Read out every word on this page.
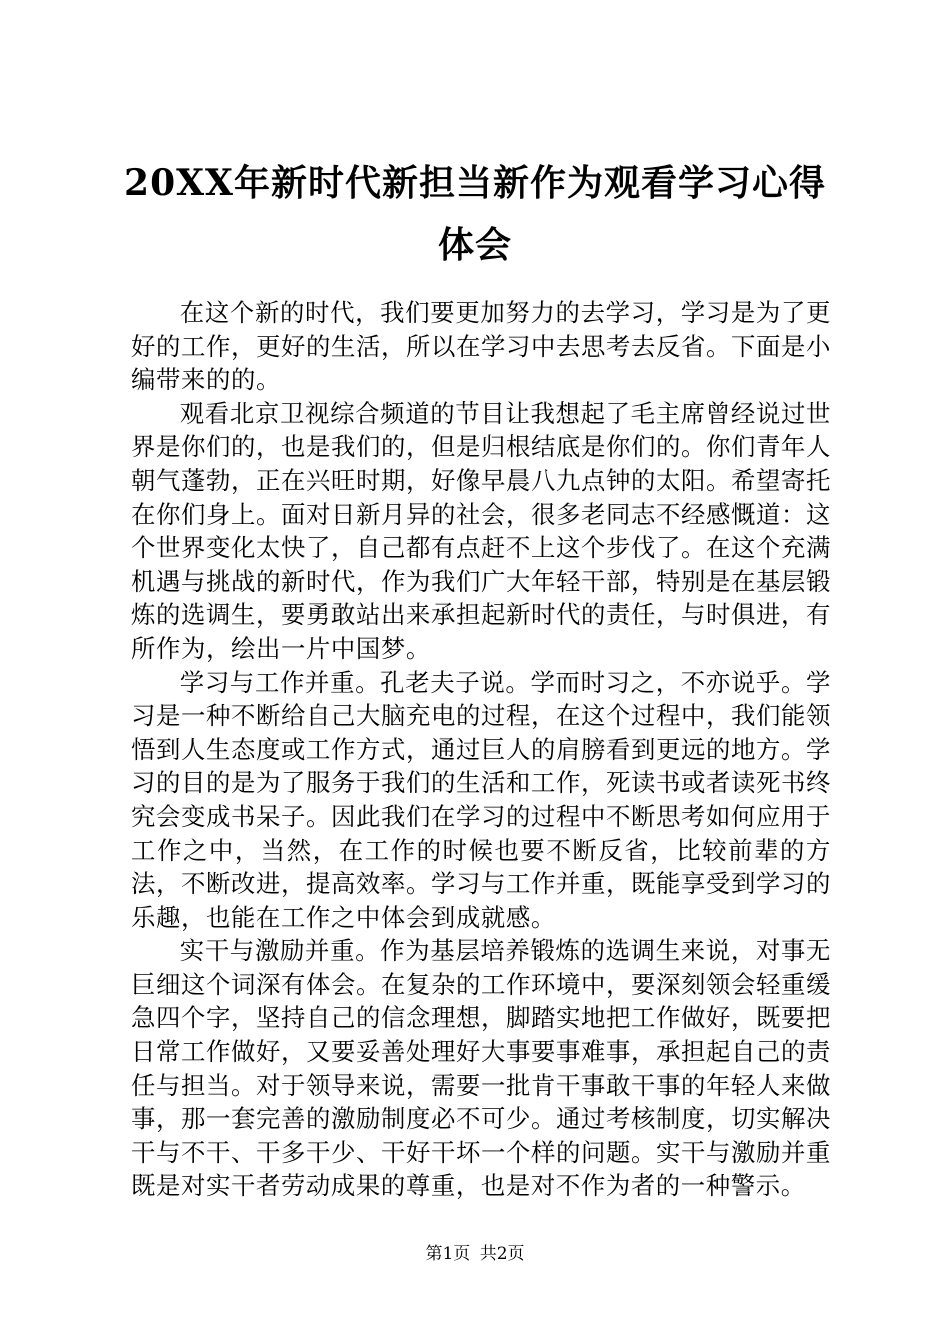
20XX年新时代新担当新作为观看学习心得体会

在这个新的时代，我们要更加努力的去学习，学习是为了更好的工作，更好的生活，所以在学习中去思考去反省。下面是小编带来的的。

观看北京卫视综合频道的节目让我想起了毛主席曾经说过世界是你们的，也是我们的，但是归根结底是你们的。你们青年人朝气蓬勃，正在兴旺时期，好像早晨八九点钟的太阳。希望寄托在你们身上。面对日新月异的社会，很多老同志不经感慨道：这个世界变化太快了，自己都有点赶不上这个步伐了。在这个充满机遇与挑战的新时代，作为我们广大年轻干部，特别是在基层锻炼的选调生，要勇敢站出来承担起新时代的责任，与时俱进，有所作为，绘出一片中国梦。

学习与工作并重。孔老夫子说。学而时习之，不亦说乎。学习是一种不断给自己大脑充电的过程，在这个过程中，我们能领悟到人生态度或工作方式，通过巨人的肩膀看到更远的地方。学习的目的是为了服务于我们的生活和工作，死读书或者读死书终究会变成书呆子。因此我们在学习的过程中不断思考如何应用于工作之中，当然，在工作的时候也要不断反省，比较前辈的方法，不断改进，提高效率。学习与工作并重，既能享受到学习的乐趣，也能在工作之中体会到成就感。

实干与激励并重。作为基层培养锻炼的选调生来说，对事无巨细这个词深有体会。在复杂的工作环境中，要深刻领会轻重缓急四个字，坚持自己的信念理想，脚踏实地把工作做好，既要把日常工作做好，又要妥善处理好大事要事难事，承担起自己的责任与担当。对于领导来说，需要一批肯干事敢干事的年轻人来做事，那一套完善的激励制度必不可少。通过考核制度，切实解决干与不干、干多干少、干好干坏一个样的问题。实干与激励并重既是对实干者劳动成果的尊重，也是对不作为者的一种警示。

第1页 共2页
